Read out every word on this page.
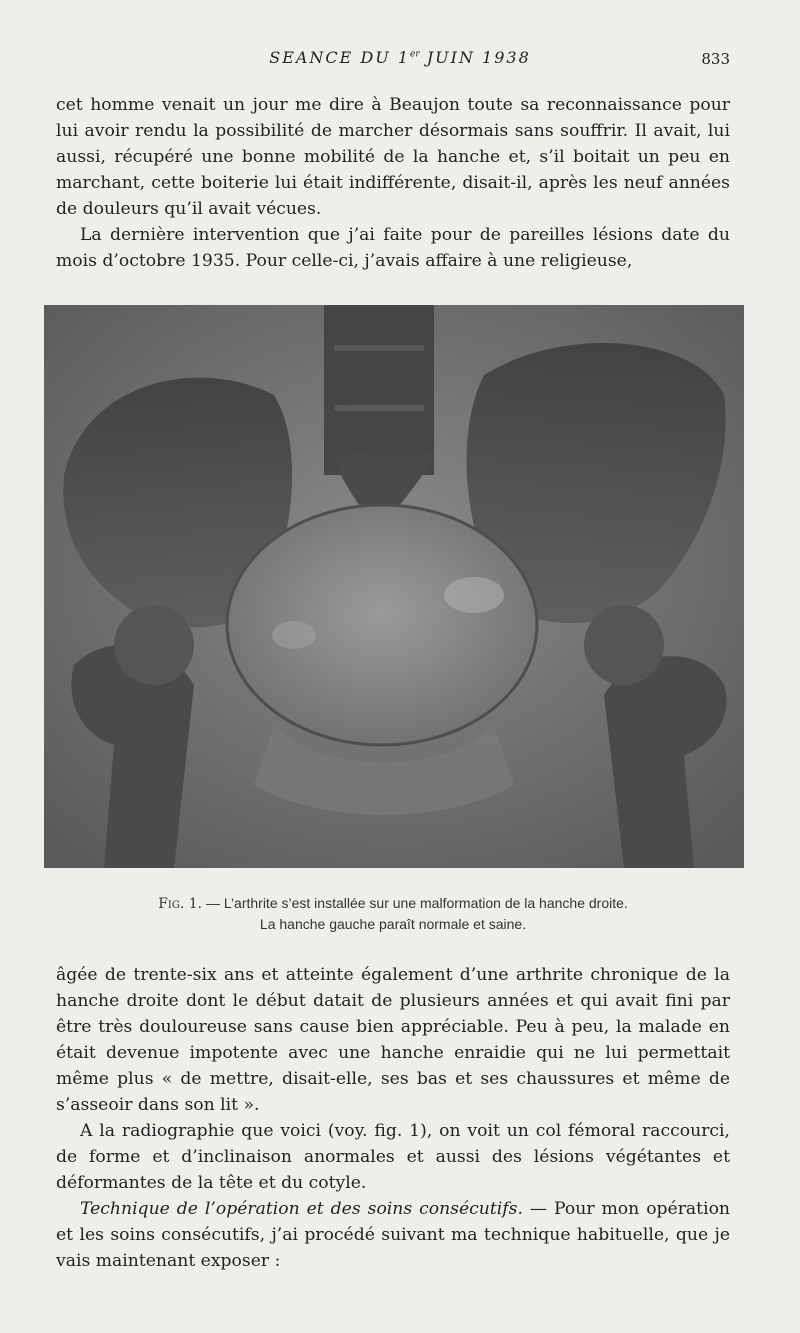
SEANCE DU 1er JUIN 1938	833

cet homme venait un jour me dire à Beaujon toute sa reconnaissance pour lui avoir rendu la possibilité de marcher désormais sans souffrir. Il avait, lui aussi, récupéré une bonne mobilité de la hanche et, s’il boitait un peu en marchant, cette boiterie lui était indifférente, disait-il, après les neuf années de douleurs qu’il avait vécues.

La dernière intervention que j’ai faite pour de pareilles lésions date du mois d’octobre 1935. Pour celle-ci, j’avais affaire à une religieuse,

Fig. 1. — L’arthrite s’est installée sur une malformation de la hanche droite.
La hanche gauche paraît normale et saine.

âgée de trente-six ans et atteinte également d’une arthrite chronique de la hanche droite dont le début datait de plusieurs années et qui avait fini par être très douloureuse sans cause bien appréciable. Peu à peu, la malade en était devenue impotente avec une hanche enraidie qui ne lui permettait même plus « de mettre, disait-elle, ses bas et ses chaussures et même de s’asseoir dans son lit ».

A la radiographie que voici (voy. fig. 1), on voit un col fémoral raccourci, de forme et d’inclinaison anormales et aussi des lésions végétantes et déformantes de la tête et du cotyle.

Technique de l’opération et des soins consécutifs. — Pour mon opération et les soins consécutifs, j’ai procédé suivant ma technique habituelle, que je vais maintenant exposer :
